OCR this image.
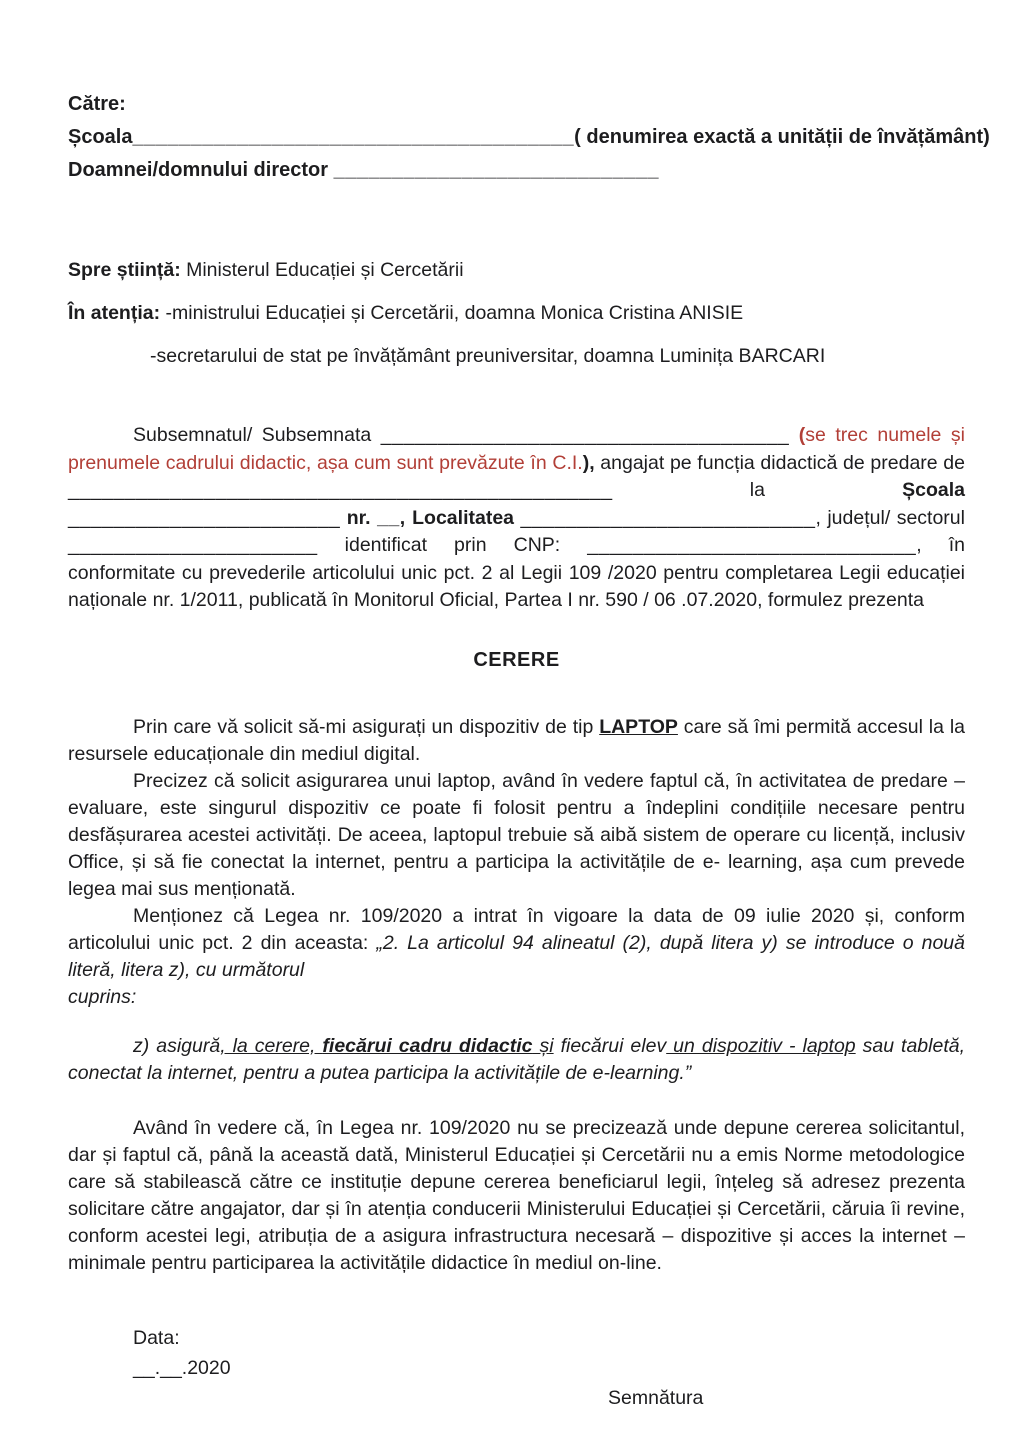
Către:
Școala______________________________________( denumirea exactă a unității de învățământ)
Doamnei/domnului director ____________________________
Spre știință: Ministerul Educației și Cercetării
În atenția: -ministrului Educației și Cercetării, doamna Monica Cristina ANISIE
-secretarului de stat pe învățământ preuniversitar, doamna Luminița BARCARI

Subsemnatul/ Subsemnata ____________________________________ (se trec numele și prenumele cadrului didactic, așa cum sunt prevăzute în C.I.), angajat pe funcția didactică de predare de ________________________________________________	la	Școala ________________________ nr. __, Localitatea __________________________, județul/ sectorul ______________________ identificat prin CNP: _____________________________, în conformitate cu prevederile articolului unic pct. 2 al Legii 109 /2020 pentru completarea Legii educației naționale nr. 1/2011, publicată în Monitorul Oficial, Partea I nr. 590 / 06 .07.2020, formulez prezenta

CERERE

Prin care vă solicit să-mi asigurați un dispozitiv de tip LAPTOP care să îmi permită accesul la la resursele educaționale din mediul digital.

Precizez că solicit asigurarea unui laptop, având în vedere faptul că, în activitatea de predare – evaluare, este singurul dispozitiv ce poate fi folosit pentru a îndeplini condițiile necesare pentru desfășurarea acestei activități. De aceea, laptopul trebuie să aibă sistem de operare cu licență, inclusiv Office, și să fie conectat la internet, pentru a participa la activitățile de e- learning, așa cum prevede legea mai sus menționată.

Menționez că Legea nr. 109/2020 a intrat în vigoare la data de 09 iulie 2020 și, conform articolului unic pct. 2 din aceasta: „2. La articolul 94 alineatul (2), după litera y) se introduce o nouă literă, litera z), cu următorul
cuprins:

z) asigură, la cerere, fiecărui cadru didactic și fiecărui elev un dispozitiv - laptop sau tabletă, conectat la internet, pentru a putea participa la activitățile de e-learning.”

Având în vedere că, în Legea nr. 109/2020 nu se precizează unde depune cererea solicitantul, dar și faptul că, până la această dată, Ministerul Educației și Cercetării nu a emis Norme metodologice care să stabilească către ce instituție depune cererea beneficiarul legii, înțeleg să adresez prezenta solicitare către angajator, dar și în atenția conducerii Ministerului Educației și Cercetării, căruia îi revine, conform acestei legi, atribuția de a asigura infrastructura necesară – dispozitive și acces la internet – minimale pentru participarea la activitățile didactice în mediul on-line.

Data:
__.__.2020
Semnătura
